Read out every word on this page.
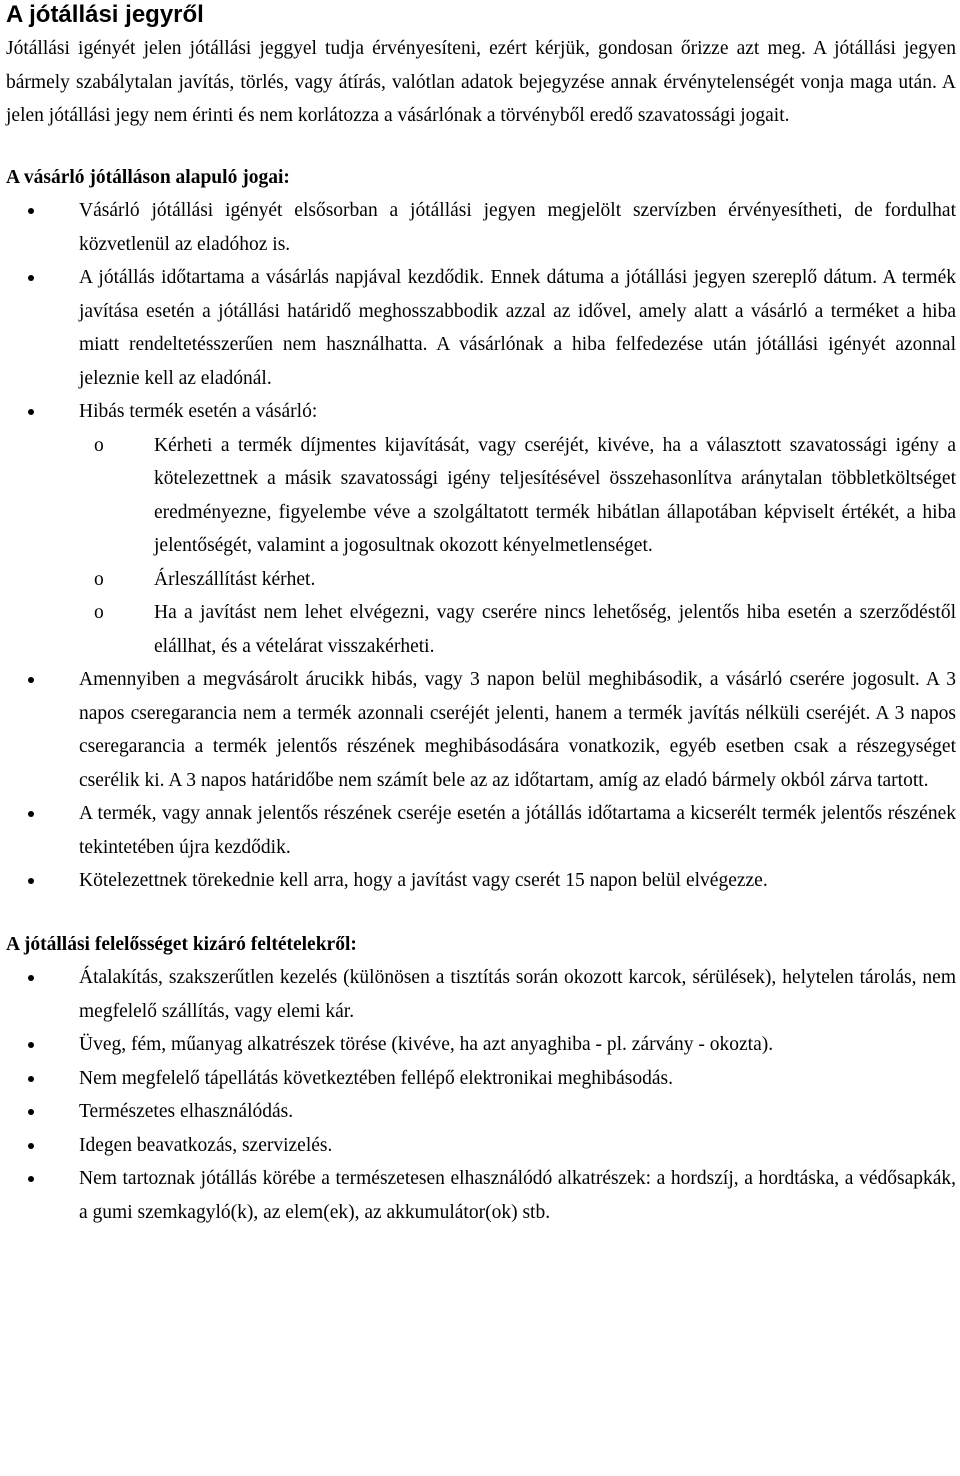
A jótállási jegyről

Jótállási igényét jelen jótállási jeggyel tudja érvényesíteni, ezért kérjük, gondosan őrizze azt meg. A jótállási jegyen bármely szabálytalan javítás, törlés, vagy átírás, valótlan adatok bejegyzése annak érvénytelenségét vonja maga után. A jelen jótállási jegy nem érinti és nem korlátozza a vásárlónak a törvényből eredő szavatossági jogait.

A vásárló jótálláson alapuló jogai:
Vásárló jótállási igényét elsősorban a jótállási jegyen megjelölt szervízben érvényesítheti, de fordulhat közvetlenül az eladóhoz is.
A jótállás időtartama a vásárlás napjával kezdődik. Ennek dátuma a jótállási jegyen szereplő dátum. A termék javítása esetén a jótállási határidő meghosszabbodik azzal az idővel, amely alatt a vásárló a terméket a hiba miatt rendeltetésszerűen nem használhatta. A vásárlónak a hiba felfedezése után jótállási igényét azonnal jeleznie kell az eladónál.
Hibás termék esetén a vásárló:
o	Kérheti a termék díjmentes kijavítását, vagy cseréjét, kivéve, ha a választott szavatossági igény a kötelezettnek a másik szavatossági igény teljesítésével összehasonlítva aránytalan többletköltséget eredményezne, figyelembe véve a szolgáltatott termék hibátlan állapotában képviselt értékét, a hiba jelentőségét, valamint a jogosultnak okozott kényelmetlenséget.
o	Árleszállítást kérhet.
o	Ha a javítást nem lehet elvégezni, vagy cserére nincs lehetőség, jelentős hiba esetén a szerződéstől elállhat, és a vételárat visszakérheti.
Amennyiben a megvásárolt árucikk hibás, vagy 3 napon belül meghibásodik, a vásárló cserére jogosult. A 3 napos cseregarancia nem a termék azonnali cseréjét jelenti, hanem a termék javítás nélküli cseréjét. A 3 napos cseregarancia a termék jelentős részének meghibásodására vonatkozik, egyéb esetben csak a részegységet cserélik ki. A 3 napos határidőbe nem számít bele az az időtartam, amíg az eladó bármely okból zárva tartott.
A termék, vagy annak jelentős részének cseréje esetén a jótállás időtartama a kicserélt termék jelentős részének tekintetében újra kezdődik.
Kötelezettnek törekednie kell arra, hogy a javítást vagy cserét 15 napon belül elvégezze.
A jótállási felelősséget kizáró feltételekről:
Átalakítás, szakszerűtlen kezelés (különösen a tisztítás során okozott karcok, sérülések), helytelen tárolás, nem megfelelő szállítás, vagy elemi kár.
Üveg, fém, műanyag alkatrészek törése (kivéve, ha azt anyaghiba - pl. zárvány - okozta).
Nem megfelelő tápellátás következtében fellépő elektronikai meghibásodás.
Természetes elhasználódás.
Idegen beavatkozás, szervizelés.
Nem tartoznak jótállás körébe a természetesen elhasználódó alkatrészek: a hordszíj, a hordtáska, a védősapkák, a gumi szemkagyló(k), az elem(ek), az akkumulátor(ok) stb.
